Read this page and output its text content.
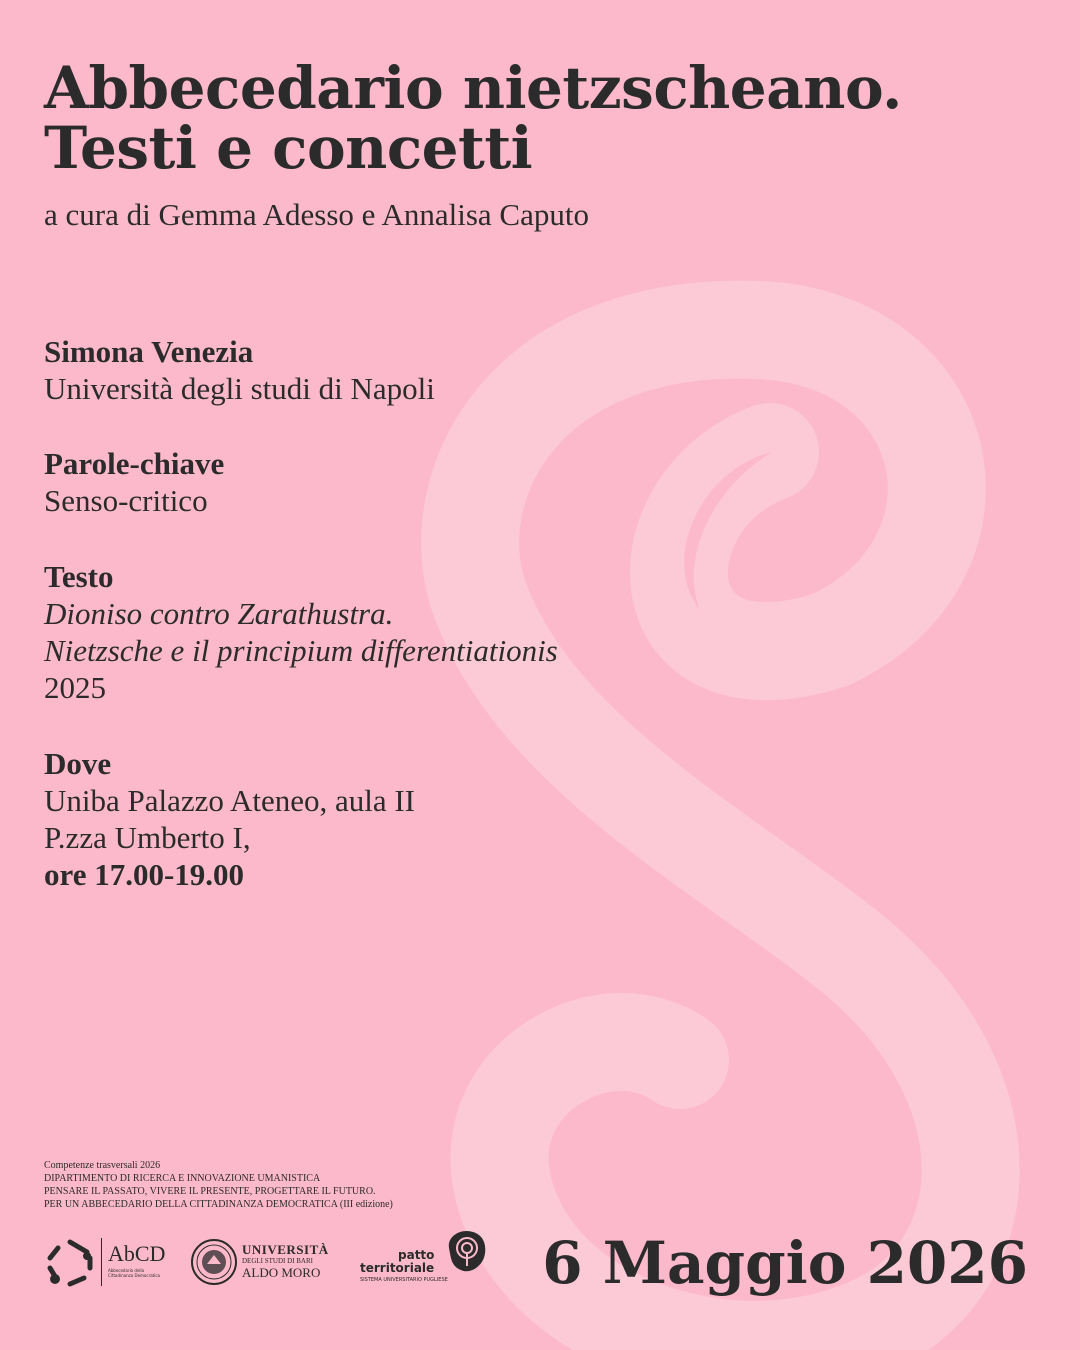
Abbecedario nietzscheano.
Testi e concetti
a cura di Gemma Adesso e Annalisa Caputo
Simona Venezia
Università degli studi di Napoli
Parole-chiave
Senso-critico
Testo
Dioniso contro Zarathustra.
Nietzsche e il principium differentiationis
2025
Dove
Uniba Palazzo Ateneo, aula II
P.zza Umberto I,
ore 17.00-19.00
Competenze trasversali 2026
DIPARTIMENTO DI RICERCA E INNOVAZIONE UMANISTICA
PENSARE IL PASSATO, VIVERE IL PRESENTE, PROGETTARE IL FUTURO.
PER UN ABBECEDARIO DELLA CITTADINANZA DEMOCRATICA (III edizione)
AbCD
Abbecedario della Cittadinanza Democratica
UNIVERSITÀ
DEGLI STUDI DI BARI
ALDO MORO
patto
territoriale
SISTEMA UNIVERSITARIO PUGLIESE 6 Maggio 2026
